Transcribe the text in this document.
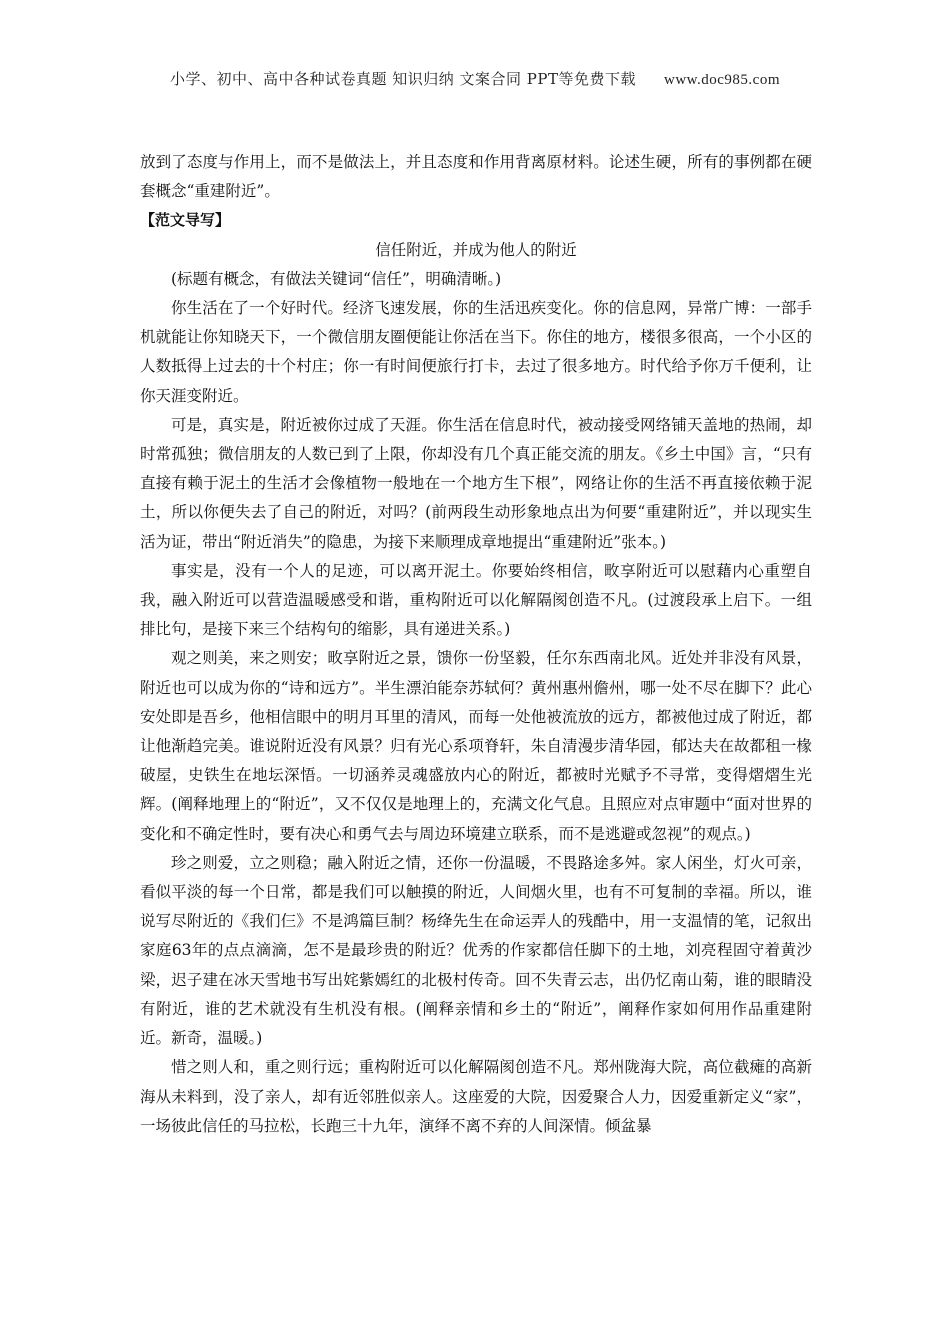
小学、初中、高中各种试卷真题 知识归纳 文案合同 PPT等免费下载 www.doc985.com

放到了态度与作用上，而不是做法上，并且态度和作用背离原材料。论述生硬，所有的事例都在硬套概念“重建附近”。

【范文导写】

信任附近，并成为他人的附近

(标题有概念，有做法关键词“信任”，明确清晰。)

你生活在了一个好时代。经济飞速发展，你的生活迅疾变化。你的信息网，异常广博：一部手机就能让你知晓天下，一个微信朋友圈便能让你活在当下。你住的地方，楼很多很高，一个小区的人数抵得上过去的十个村庄；你一有时间便旅行打卡，去过了很多地方。时代给予你万千便利，让你天涯变附近。

可是，真实是，附近被你过成了天涯。你生活在信息时代，被动接受网络铺天盖地的热闹，却时常孤独；微信朋友的人数已到了上限，你却没有几个真正能交流的朋友。《乡土中国》言，“只有直接有赖于泥土的生活才会像植物一般地在一个地方生下根”，网络让你的生活不再直接依赖于泥土，所以你便失去了自己的附近，对吗？(前两段生动形象地点出为何要“重建附近”，并以现实生活为证，带出“附近消失”的隐患，为接下来顺理成章地提出“重建附近”张本。)

事实是，没有一个人的足迹，可以离开泥土。你要始终相信，畋享附近可以慰藉内心重塑自我，融入附近可以营造温暖感受和谐，重构附近可以化解隔阂创造不凡。(过渡段承上启下。一组排比句，是接下来三个结构句的缩影，具有递进关系。)

观之则美，来之则安；畋享附近之景，馈你一份坚毅，任尔东西南北风。近处并非没有风景，附近也可以成为你的“诗和远方”。半生漂泊能奈苏轼何？黄州惠州儋州，哪一处不尽在脚下？此心安处即是吾乡，他相信眼中的明月耳里的清风，而每一处他被流放的远方，都被他过成了附近，都让他渐趋完美。谁说附近没有风景？归有光心系项脊轩，朱自清漫步清华园，郁达夫在故都租一椽破屋，史铁生在地坛深悟。一切涵养灵魂盛放内心的附近，都被时光赋予不寻常，变得熠熠生光辉。(阐释地理上的“附近”，又不仅仅是地理上的，充满文化气息。且照应对点审题中“面对世界的变化和不确定性时，要有决心和勇气去与周边环境建立联系，而不是逃避或忽视”的观点。)

珍之则爱，立之则稳；融入附近之情，还你一份温暖，不畏路途多舛。家人闲坐，灯火可亲，看似平淡的每一个日常，都是我们可以触摸的附近，人间烟火里，也有不可复制的幸福。所以，谁说写尽附近的《我们仨》不是鸿篇巨制？杨绛先生在命运弄人的残酷中，用一支温情的笔，记叙出家庭63年的点点滴滴，怎不是最珍贵的附近？优秀的作家都信任脚下的土地，刘亮程固守着黄沙梁，迟子建在冰天雪地书写出姹紫嫣红的北极村传奇。回不失青云志，出仍忆南山菊，谁的眼睛没有附近，谁的艺术就没有生机没有根。(阐释亲情和乡土的“附近”，阐释作家如何用作品重建附近。新奇，温暖。)

惜之则人和，重之则行远；重构附近可以化解隔阂创造不凡。郑州陇海大院，高位截瘫的高新海从未料到，没了亲人，却有近邻胜似亲人。这座爱的大院，因爱聚合人力，因爱重新定义“家”，一场彼此信任的马拉松，长跑三十九年，演绎不离不弃的人间深情。倾盆暴
